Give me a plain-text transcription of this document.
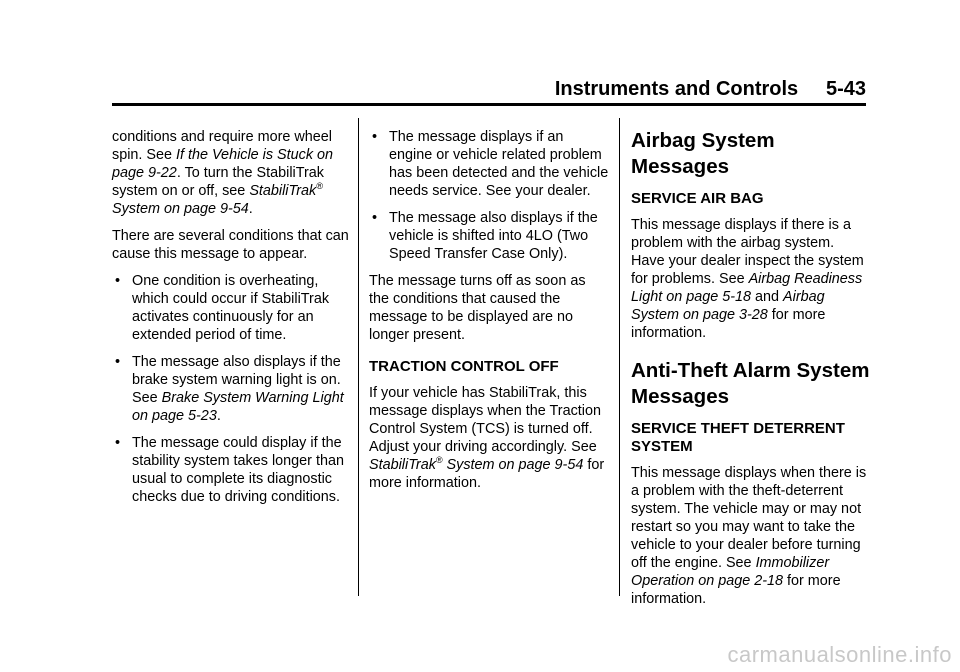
Instruments and Controls     5-43

conditions and require more wheel spin. See If the Vehicle is Stuck on page 9-22. To turn the StabiliTrak system on or off, see StabiliTrak® System on page 9-54.

There are several conditions that can cause this message to appear.

• One condition is overheating, which could occur if StabiliTrak activates continuously for an extended period of time.
• The message also displays if the brake system warning light is on. See Brake System Warning Light on page 5-23.
• The message could display if the stability system takes longer than usual to complete its diagnostic checks due to driving conditions.
• The message displays if an engine or vehicle related problem has been detected and the vehicle needs service. See your dealer.
• The message also displays if the vehicle is shifted into 4LO (Two Speed Transfer Case Only).

The message turns off as soon as the conditions that caused the message to be displayed are no longer present.

TRACTION CONTROL OFF

If your vehicle has StabiliTrak, this message displays when the Traction Control System (TCS) is turned off. Adjust your driving accordingly. See StabiliTrak® System on page 9-54 for more information.

Airbag System Messages
SERVICE AIR BAG

This message displays if there is a problem with the airbag system. Have your dealer inspect the system for problems. See Airbag Readiness Light on page 5-18 and Airbag System on page 3-28 for more information.

Anti-Theft Alarm System Messages
SERVICE THEFT DETERRENT SYSTEM

This message displays when there is a problem with the theft-deterrent system. The vehicle may or may not restart so you may want to take the vehicle to your dealer before turning off the engine. See Immobilizer Operation on page 2-18 for more information.

carmanualsonline.info
